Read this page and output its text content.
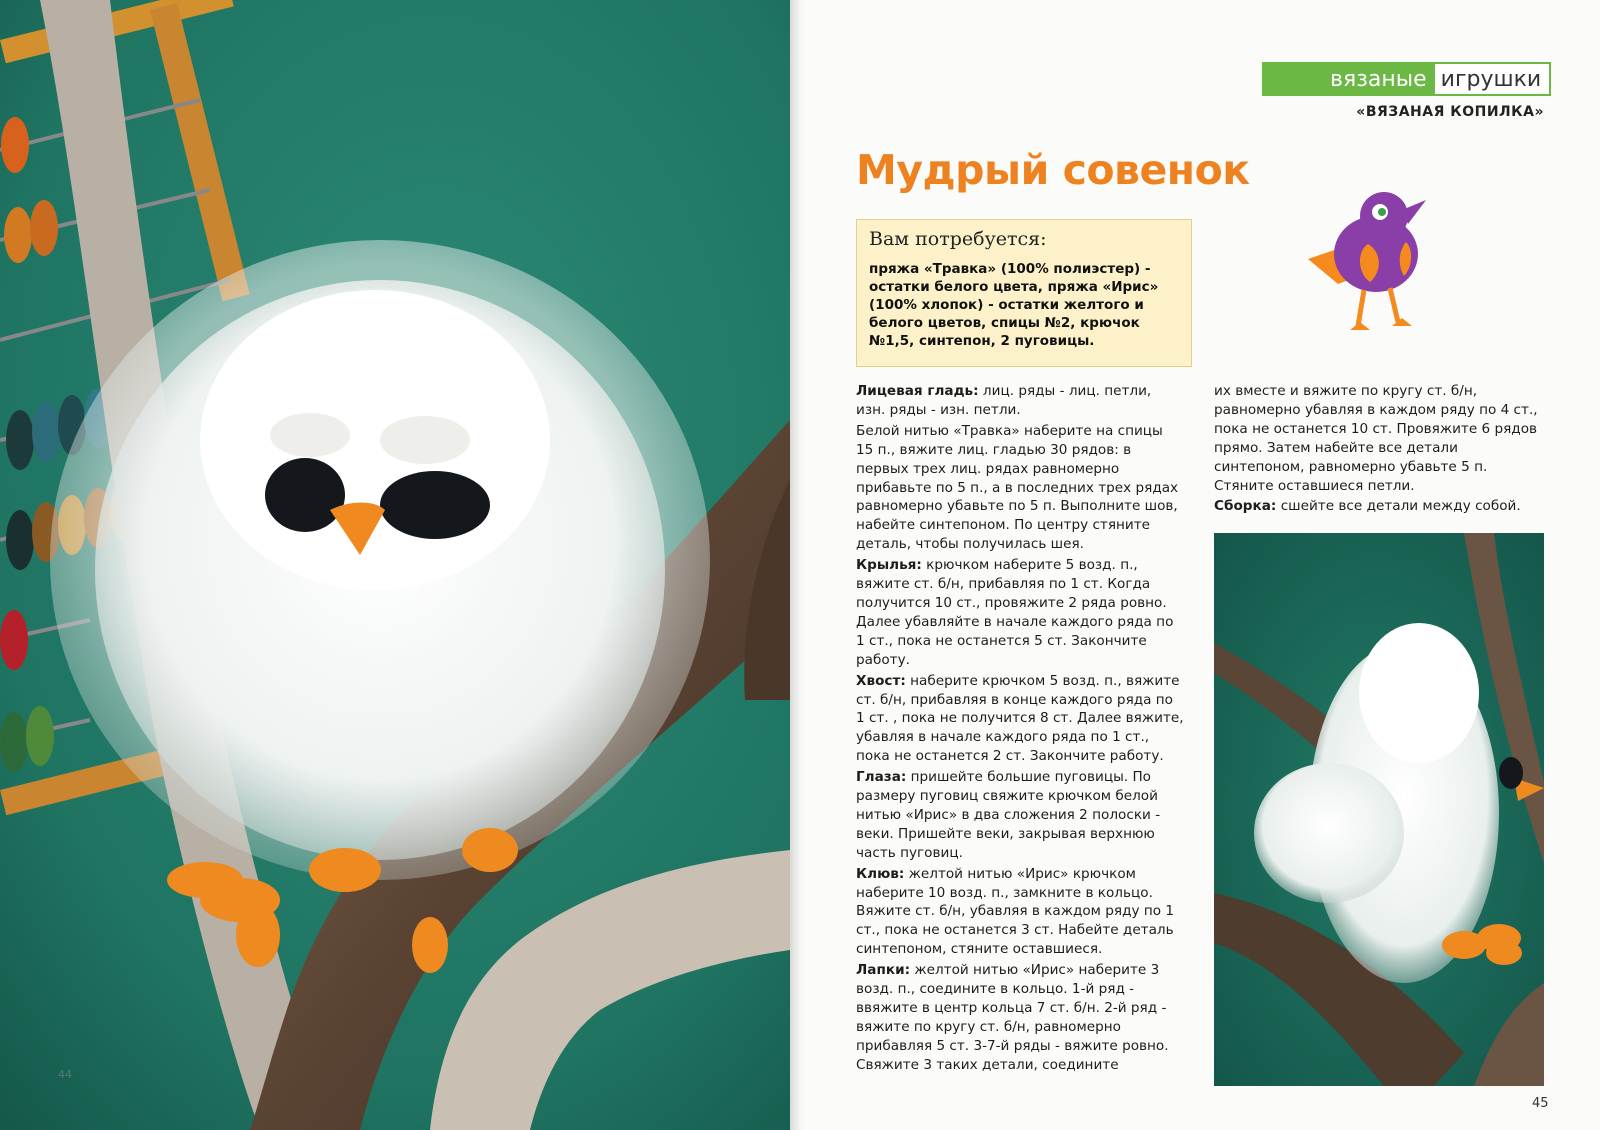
44
вязаные игрушки
«ВЯЗАНАЯ КОПИЛКА»
Мудрый совенок
Вам потребуется:
пряжа «Травка» (100% полиэстер) - остатки белого цвета, пряжа «Ирис» (100% хлопок) - остатки желтого и белого цветов, спицы №2, крючок №1,5, синтепон, 2 пуговицы.

Лицевая гладь: лиц. ряды - лиц. петли, изн. ряды - изн. петли.

Белой нитью «Травка» наберите на спицы 15 п., вяжите лиц. гладью 30 рядов: в первых трех лиц. рядах равномерно прибавьте по 5 п., а в последних трех рядах равномерно убавьте по 5 п. Выполните шов, набейте синтепоном. По центру стяните деталь, чтобы получилась шея.

Крылья: крючком наберите 5 возд. п., вяжите ст. б/н, прибавляя по 1 ст. Когда получится 10 ст., провяжите 2 ряда ровно. Далее убавляйте в начале каждого ряда по 1 ст., пока не останется 5 ст. Закончите работу.

Хвост: наберите крючком 5 возд. п., вяжите ст. б/н, прибавляя в конце каждого ряда по 1 ст. , пока не получится 8 ст. Далее вяжите, убавляя в начале каждого ряда по 1 ст., пока не останется 2 ст. Закончите работу.

Глаза: пришейте большие пуговицы. По размеру пуговиц свяжите крючком белой нитью «Ирис» в два сложения 2 полоски - веки. Пришейте веки, закрывая верхнюю часть пуговиц.

Клюв: желтой нитью «Ирис» крючком наберите 10 возд. п., замкните в кольцо. Вяжите ст. б/н, убавляя в каждом ряду по 1 ст., пока не останется 3 ст. Набейте деталь синтепоном, стяните оставшиеся.

Лапки: желтой нитью «Ирис» наберите 3 возд. п., соедините в кольцо. 1-й ряд - ввяжите в центр кольца 7 ст. б/н. 2-й ряд - вяжите по кругу ст. б/н, равномерно прибавляя 5 ст. 3-7-й ряды - вяжите ровно. Свяжите 3 таких детали, соедините

их вместе и вяжите по кругу ст. б/н, равномерно убавляя в каждом ряду по 4 ст., пока не останется 10 ст. Провяжите 6 рядов прямо. Затем набейте все детали синтепоном, равномерно убавьте 5 п. Стяните оставшиеся петли.

Сборка: сшейте все детали между собой.

45
